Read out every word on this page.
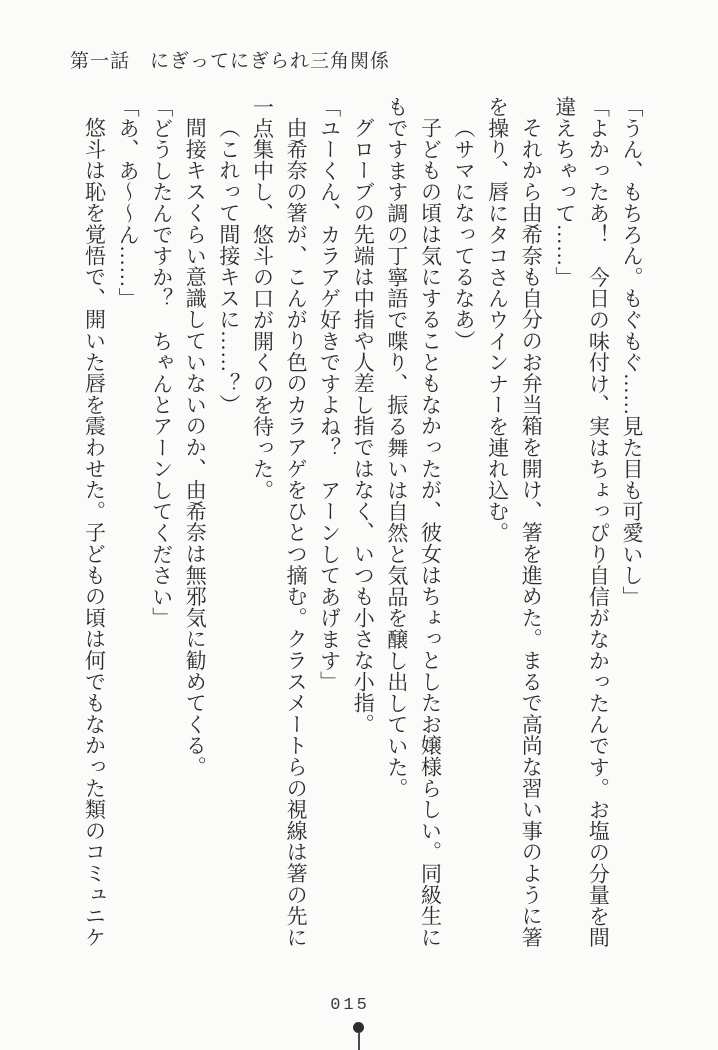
第一話　にぎってにぎられ三角関係
「うん、もちろん。もぐもぐ……見た目も可愛いし」
「よかったあ！　今日の味付け、実はちょっぴり自信がなかったんです。お塩の分量を間
違えちゃって……」
それから由希奈も自分のお弁当箱を開け、箸を進めた。まるで高尚な習い事のように箸
を操り、唇にタコさんウインナーを連れ込む。
（サマになってるなあ）
子どもの頃は気にすることもなかったが、彼女はちょっとしたお嬢様らしい。同級生に
もですます調の丁寧語で喋り、振る舞いは自然と気品を醸し出していた。
グローブの先端は中指や人差し指ではなく、いつも小さな小指。
「ユーくん、カラアゲ好きですよね？　アーンしてあげます」
由希奈の箸が、こんがり色のカラアゲをひとつ摘む。クラスメートらの視線は箸の先に
一点集中し、悠斗の口が開くのを待った。
（これって間接キスに……？）
間接キスくらい意識していないのか、由希奈は無邪気に勧めてくる。
「どうしたんですか？　ちゃんとアーンしてください」
「あ、あ〜〜ん……」
悠斗は恥を覚悟で、開いた唇を震わせた。子どもの頃は何でもなかった類のコミュニケ
015
